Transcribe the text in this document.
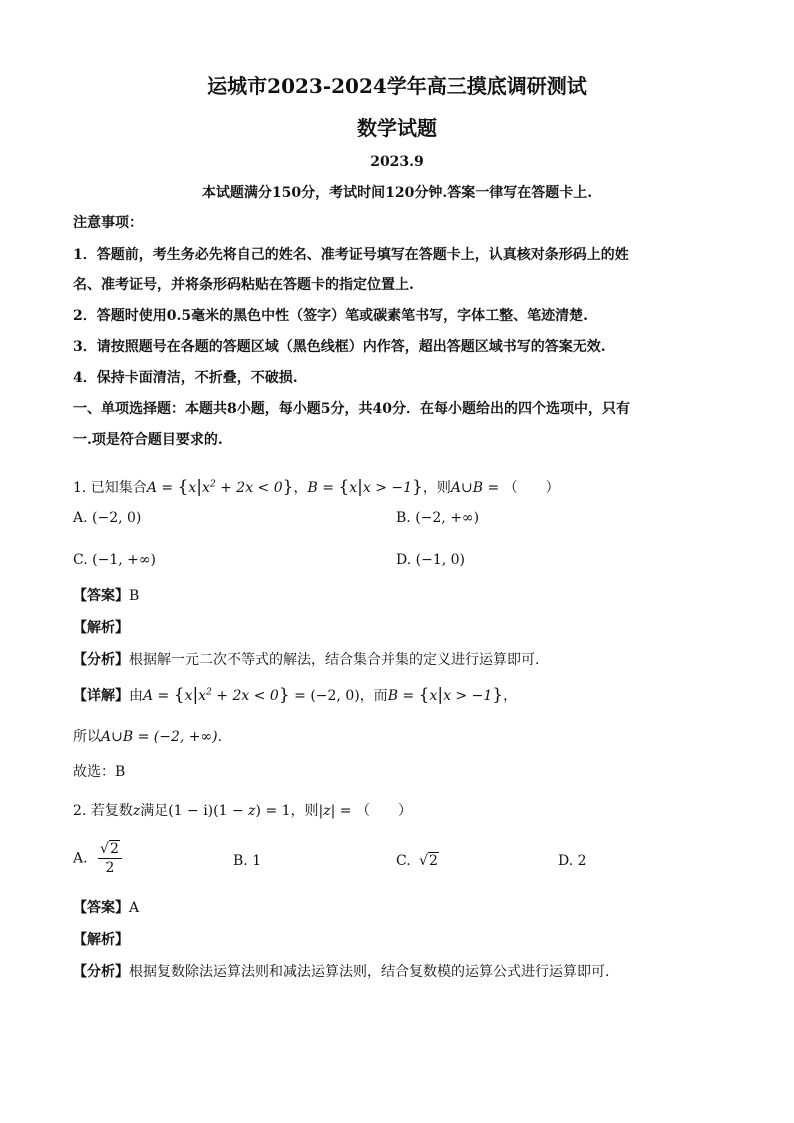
运城市2023-2024学年高三摸底调研测试
数学试题
2023.9
本试题满分150分，考试时间120分钟.答案一律写在答题卡上.
注意事项：
1．答题前，考生务必先将自己的姓名、准考证号填写在答题卡上，认真核对条形码上的姓
名、准考证号，并将条形码粘贴在答题卡的指定位置上.
2．答题时使用0.5毫米的黑色中性（签字）笔或碳素笔书写，字体工整、笔迹清楚.
3．请按照题号在各题的答题区域（黑色线框）内作答，超出答题区域书写的答案无效.
4．保持卡面清洁，不折叠，不破损.
一、单项选择题：本题共8小题，每小题5分，共40分．在每小题给出的四个选项中，只有
一.项是符合题目要求的.
1. 已知集合$A = \{x|x^2 + 2x < 0\}$，B = {x|x > −1}，则A∪B = （　　）
A. (−2, 0)	B. (−2, +∞)
C. (−1, +∞)	D. (−1, 0)
【答案】B
【解析】
【分析】根据解一元二次不等式的解法，结合集合并集的定义进行运算即可.
【详解】由$A = \{x|x^2 + 2x < 0\} = (-2$, 0)，而B = {x|x > −1}，
所以A∪B = (−2, +∞).
故选：B
2. 若复数z满足(1 − i)(1 − z) = 1，则|z| = （　　）
A. $\frac{√2}{2}$	B. 1	C. √2	D. 2
【答案】A
【解析】
【分析】根据复数除法运算法则和减法运算法则，结合复数模的运算公式进行运算即可.
